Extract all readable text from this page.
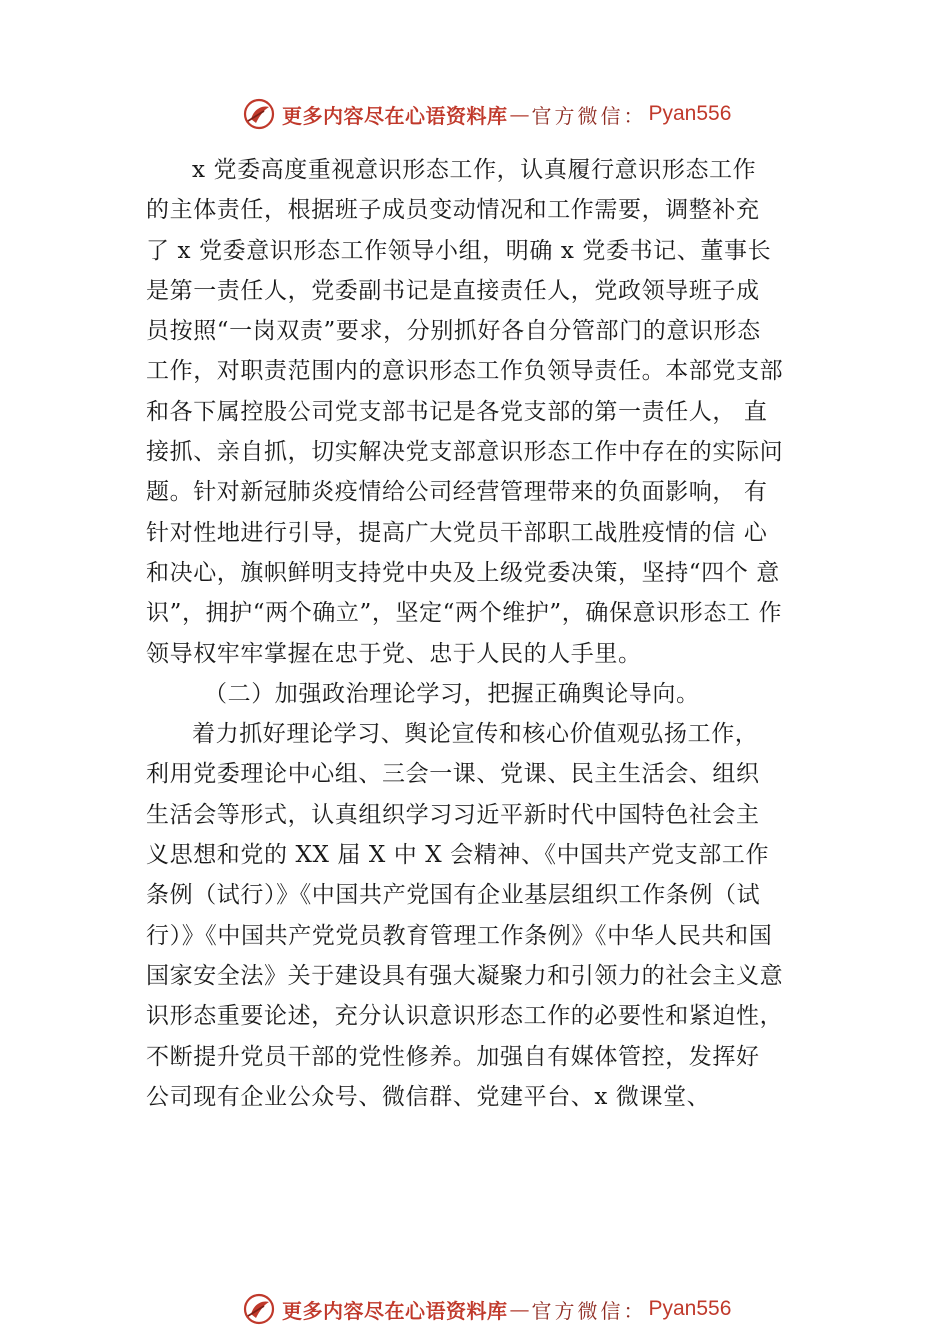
更多内容尽在心语资料库 — 官方微信： Pyan556
x 党委高度重视意识形态工作，认真履行意识形态工作
的主体责任，根据班子成员变动情况和工作需要，调整补充
了 x 党委意识形态工作领导小组，明确 x 党委书记、董事长
是第一责任人，党委副书记是直接责任人，党政领导班子成
员按照“一岗双责”要求，分别抓好各自分管部门的意识形态
工作，对职责范围内的意识形态工作负领导责任。本部党支部
和各下属控股公司党支部书记是各党支部的第一责任人， 直
接抓、亲自抓，切实解决党支部意识形态工作中存在的实际问
题。针对新冠肺炎疫情给公司经营管理带来的负面影响， 有
针对性地进行引导，提高广大党员干部职工战胜疫情的信 心
和决心，旗帜鲜明支持党中央及上级党委决策，坚持“四个 意
识”，拥护“两个确立”，坚定“两个维护”，确保意识形态工 作
领导权牢牢掌握在忠于党、忠于人民的人手里。
（二）加强政治理论学习，把握正确舆论导向。
着力抓好理论学习、舆论宣传和核心价值观弘扬工作，
利用党委理论中心组、三会一课、党课、民主生活会、组织
生活会等形式，认真组织学习习近平新时代中国特色社会主
义思想和党的 XX 届 X 中 X 会精神、《中国共产党支部工作
条例（试行）》《中国共产党国有企业基层组织工作条例（试
行）》《中国共产党党员教育管理工作条例》《中华人民共和国
国家安全法》关于建设具有强大凝聚力和引领力的社会主义意
识形态重要论述，充分认识意识形态工作的必要性和紧迫性，
不断提升党员干部的党性修养。加强自有媒体管控，发挥好
公司现有企业公众号、微信群、党建平台、x 微课堂、
更多内容尽在心语资料库 — 官方微信： Pyan556
